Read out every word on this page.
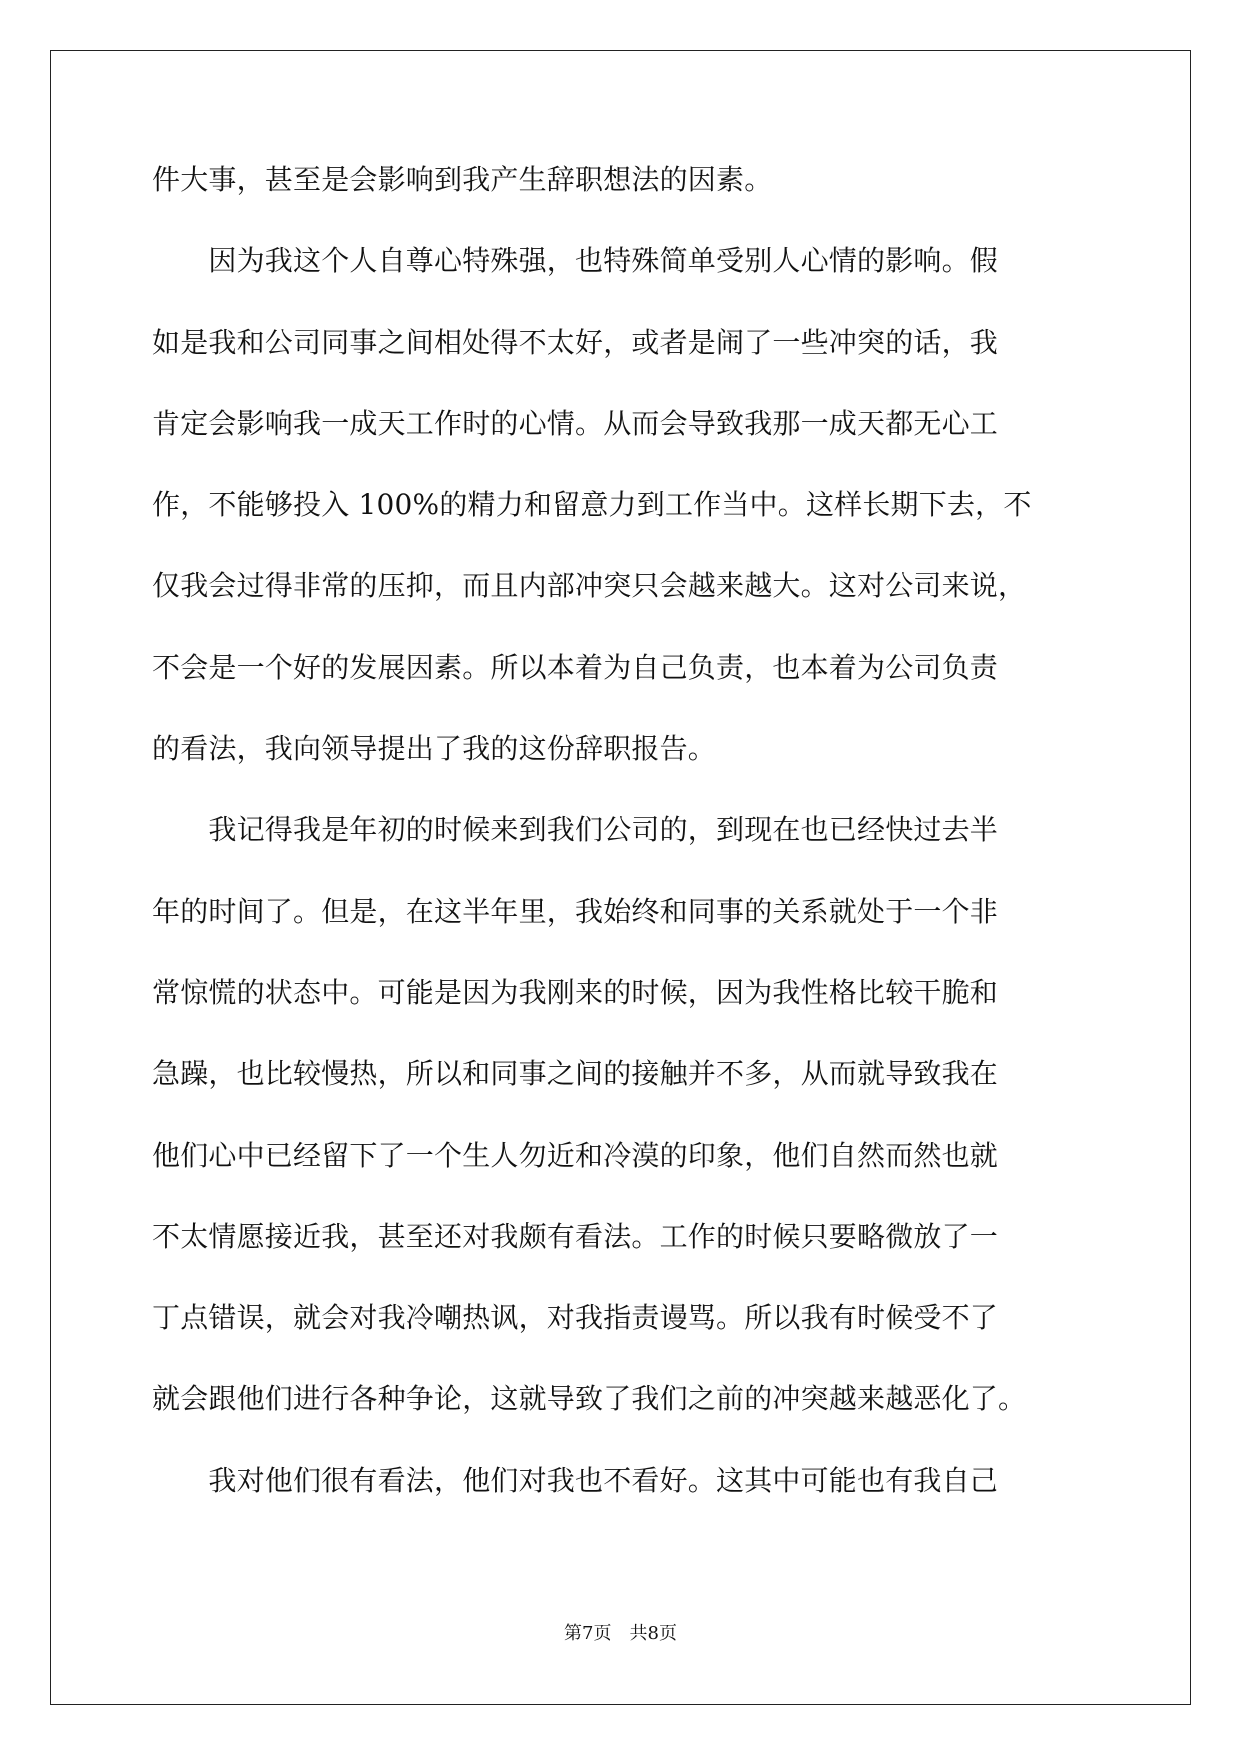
件大事，甚至是会影响到我产生辞职想法的因素。
　　因为我这个人自尊心特殊强，也特殊简单受别人心情的影响。假
如是我和公司同事之间相处得不太好，或者是闹了一些冲突的话，我
肯定会影响我一成天工作时的心情。从而会导致我那一成天都无心工
作，不能够投入 100%的精力和留意力到工作当中。这样长期下去，不
仅我会过得非常的压抑，而且内部冲突只会越来越大。这对公司来说，
不会是一个好的发展因素。所以本着为自己负责，也本着为公司负责
的看法，我向领导提出了我的这份辞职报告。
　　我记得我是年初的时候来到我们公司的，到现在也已经快过去半
年的时间了。但是，在这半年里，我始终和同事的关系就处于一个非
常惊慌的状态中。可能是因为我刚来的时候，因为我性格比较干脆和
急躁，也比较慢热，所以和同事之间的接触并不多，从而就导致我在
他们心中已经留下了一个生人勿近和冷漠的印象，他们自然而然也就
不太情愿接近我，甚至还对我颇有看法。工作的时候只要略微放了一
丁点错误，就会对我冷嘲热讽，对我指责谩骂。所以我有时候受不了
就会跟他们进行各种争论，这就导致了我们之前的冲突越来越恶化了。
　　我对他们很有看法，他们对我也不看好。这其中可能也有我自己
第7页　共8页
